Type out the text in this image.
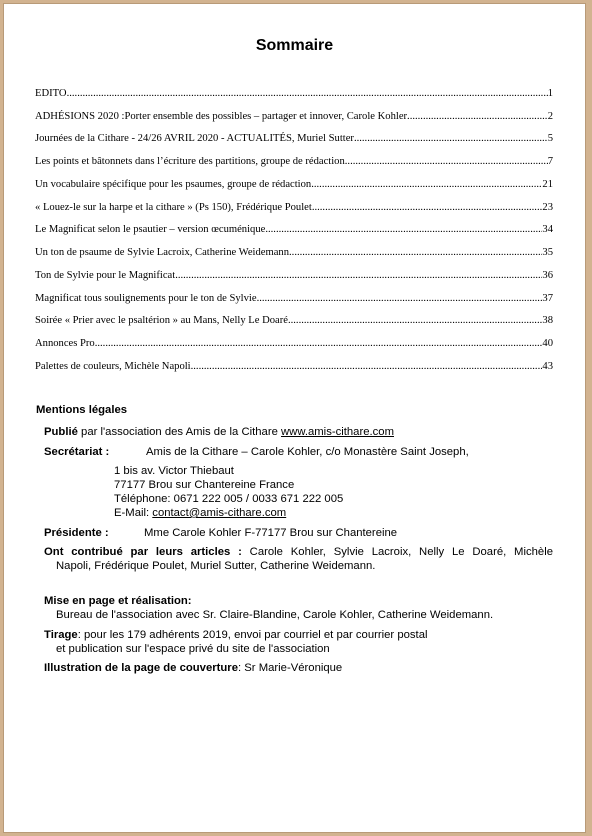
Sommaire
EDITO .....	1
ADHÉSIONS 2020 :Porter ensemble des possibles – partager et innover, Carole Kohler .....	2
Journées de la Cithare - 24/26 AVRIL 2020 - ACTUALITÉS, Muriel Sutter .....	5
Les points et bâtonnets dans l’écriture des partitions, groupe de rédaction .....	7
Un vocabulaire spécifique pour les psaumes, groupe de rédaction .....	21
« Louez-le sur la harpe et la cithare » (Ps 150), Frédérique Poulet .....	23
Le Magnificat selon le psautier – version œcuménique .....	34
Un ton de psaume de Sylvie Lacroix, Catherine Weidemann .....	35
Ton de Sylvie pour le Magnificat .....	36
Magnificat tous soulignements pour le ton de Sylvie .....	37
Soirée « Prier avec le psaltérion » au Mans, Nelly Le Doaré .....	38
Annonces Pro .....	40
Palettes de couleurs, Michèle Napoli .....	43
Mentions légales
Publié par l'association des Amis de la Cithare www.amis-cithare.com
Secrétariat :	Amis de la Cithare – Carole Kohler, c/o Monastère Saint Joseph,
1 bis av. Victor Thiebaut
77177 Brou sur Chantereine France
Téléphone: 0671 222 005 / 0033 671 222 005
E-Mail: contact@amis-cithare.com
Présidente :	Mme Carole Kohler F-77177 Brou sur Chantereine
Ont contribué par leurs articles : Carole Kohler, Sylvie Lacroix, Nelly Le Doaré, Michèle
Napoli, Frédérique Poulet, Muriel Sutter, Catherine Weidemann.
Mise en page et réalisation:
Bureau de l'association avec Sr. Claire-Blandine, Carole Kohler, Catherine Weidemann.
Tirage: pour les 179 adhérents 2019, envoi par courriel et par courrier postal
et publication sur l'espace privé du site de l'association
Illustration de la page de couverture: Sr Marie-Véronique
